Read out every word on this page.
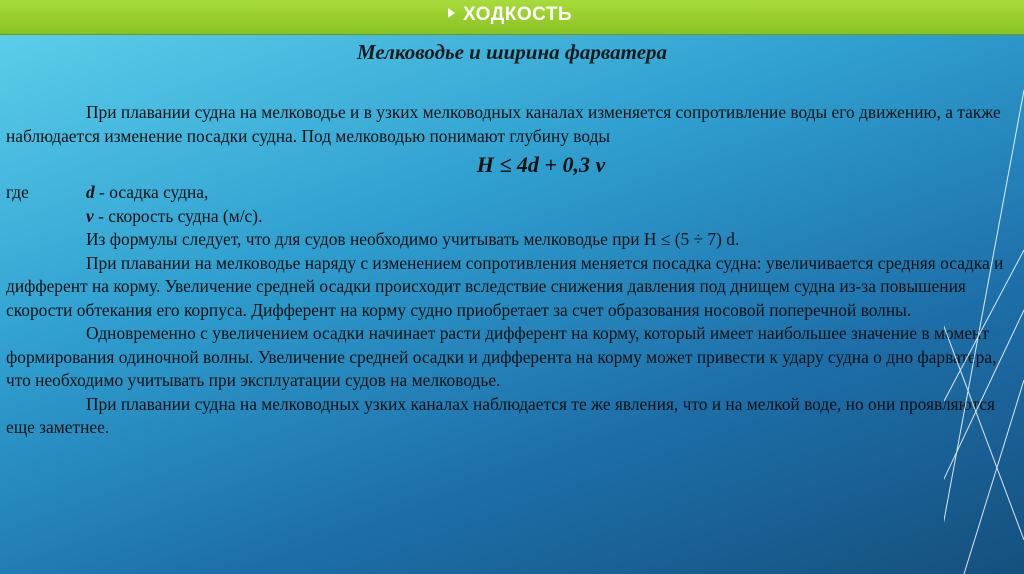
ХОДКОСТЬ
Мелководье и ширина фарватера

При плавании судна на мелководье и в узких мелководных каналах изменяется сопротивление воды его движению, а также наблюдается изменение посадки судна. Под мелководью понимают глубину воды

H ≤ 4d + 0,3 v
где	d - осадка судна,
v - скорость судна (м/с).

Из формулы следует, что для судов необходимо учитывать мелководье при H ≤ (5 ÷ 7) d.

При плавании на мелководье наряду с изменением сопротивления меняется посадка судна: увеличивается средняя осадка и дифферент на корму. Увеличение средней осадки происходит вследствие снижения давления под днищем судна из-за повышения скорости обтекания его корпуса. Дифферент на корму судно приобретает за счет образования носовой поперечной волны.

Одновременно с увеличением осадки начинает расти дифферент на корму, который имеет наибольшее значение в момент формирования одиночной волны. Увеличение средней осадки и дифферента на корму может привести к удару судна о дно фарватера, что необходимо учитывать при эксплуатации судов на мелководье.

При плавании судна на мелководных узких каналах наблюдается те же явления, что и на мелкой воде, но они проявляются еще заметнее.
